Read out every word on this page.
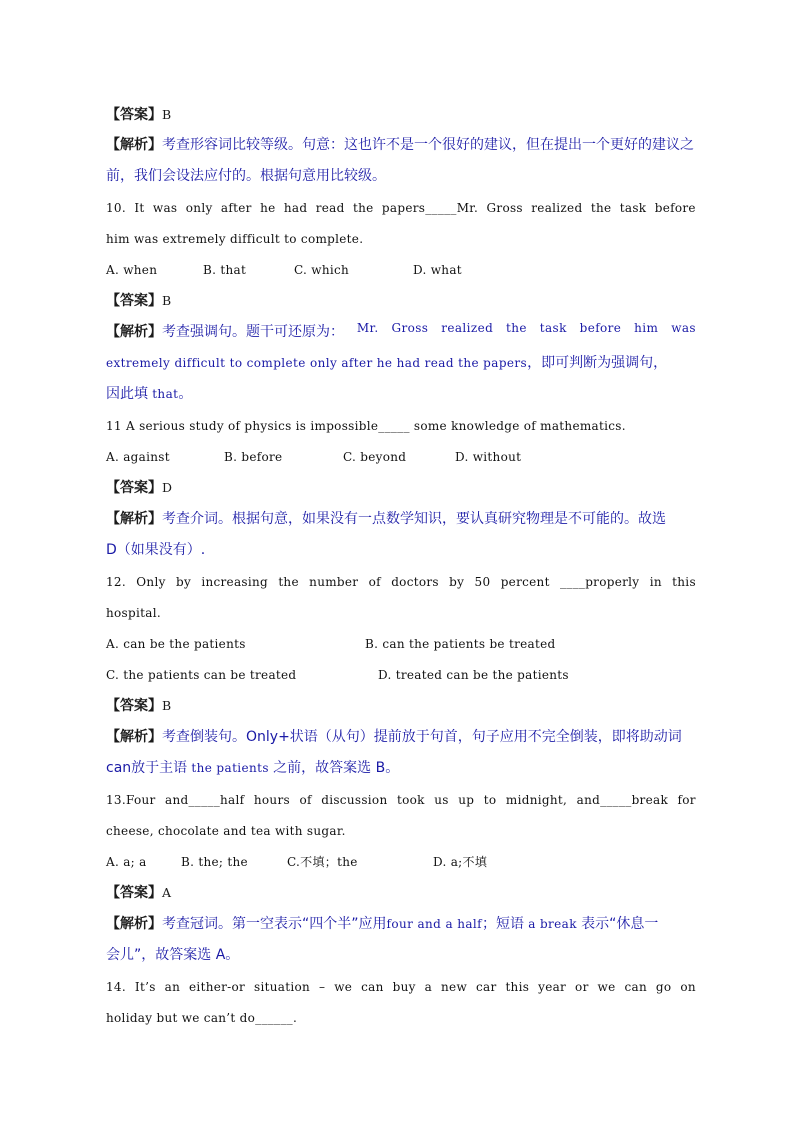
【答案】B
【解析】考查形容词比较等级。句意：这也许不是一个很好的建议，但在提出一个更好的建议之
前，我们会设法应付的。根据句意用比较级。
10. It was only after he had read the papers_____Mr. Gross realized the task before
him was extremely difficult to complete.
A. when	B. that	C. which	D. what
【答案】B
【解析】考查强调句。题干可还原为： Mr. Gross realized the task before him was
extremely difficult to complete only after he had read the papers，即可判断为强调句，
因此填 that。
11 A serious study of physics is impossible_____ some knowledge of mathematics.
A. against	B. before	C. beyond	D. without
【答案】D
【解析】考查介词。根据句意，如果没有一点数学知识，要认真研究物理是不可能的。故选
D（如果没有）.
12. Only by increasing the number of doctors by 50 percent ____properly in this
hospital.
A. can be the patients	B. can the patients be treated
C. the patients can be treated	D. treated can be the patients
【答案】B
【解析】考查倒装句。Only+状语（从句）提前放于句首，句子应用不完全倒装，即将助动词
can放于主语 the patients 之前，故答案选 B。
13.Four and_____half hours of discussion took us up to midnight, and_____break for
cheese, chocolate and tea with sugar.
A. a; a	B. the; the	C.不填；the	D. a;不填
【答案】A
【解析】考查冠词。第一空表示“四个半”应用four and a half；短语 a break 表示“休息一
会儿”，故答案选 A。
14. It’s an either-or situation – we can buy a new car this year or we can go on
holiday but we can’t do______.
